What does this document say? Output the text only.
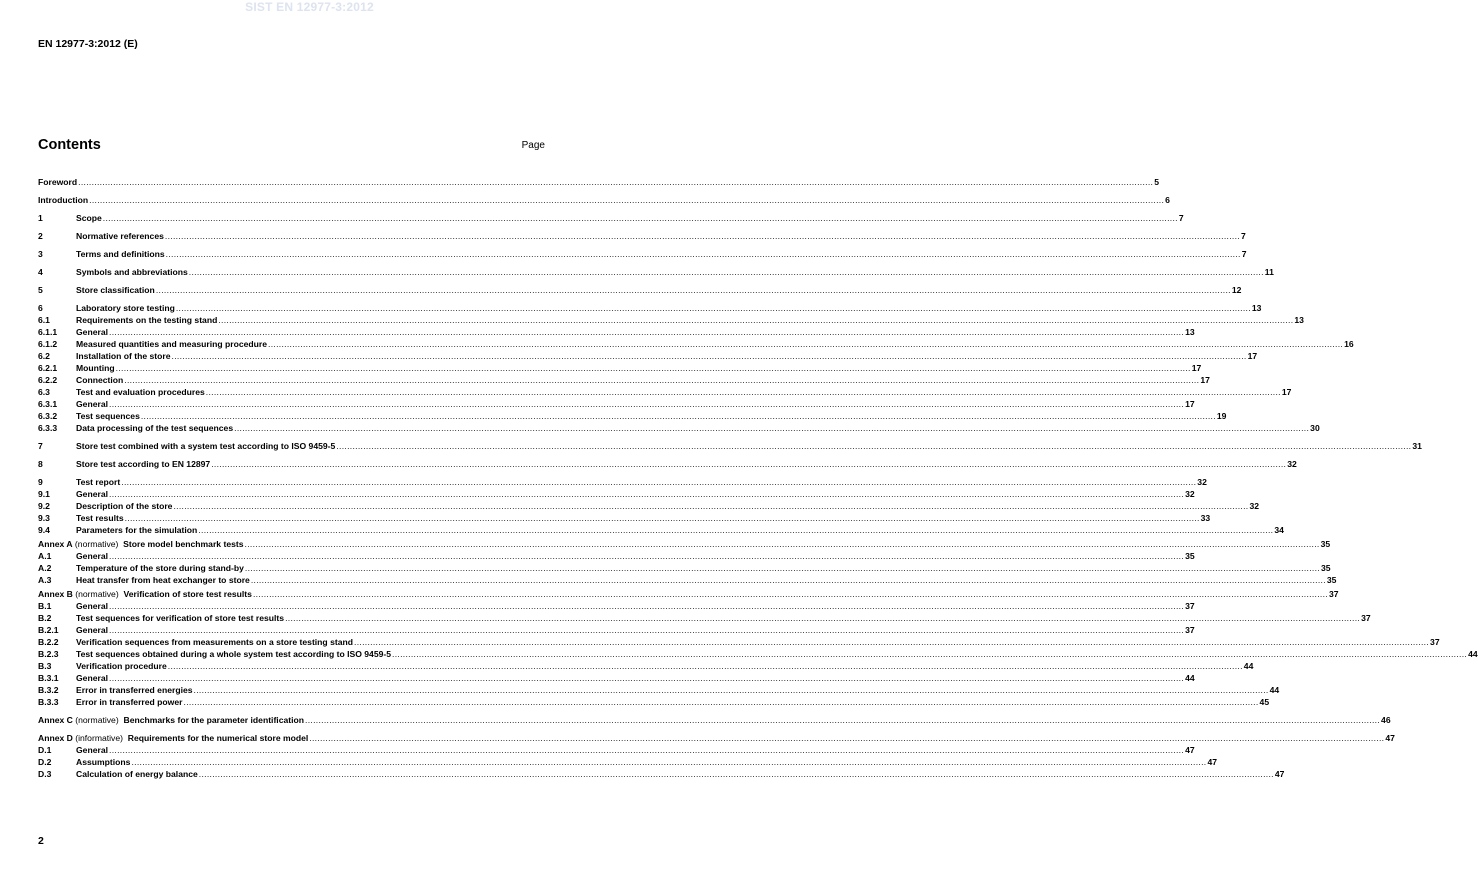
SIST EN 12977-3:2012
EN 12977-3:2012 (E)
Contents	Page
Foreword ................................................................................................................................................................................................................................................................................................................................................................................................................ 5
Introduction ................................................................................................................................................................................................................................................................................................................................................................................................................ 6
1	Scope ................................................................................................................................................................................................................................................................................................................................................................................................................ 7
2	Normative references ................................................................................................................................................................................................................................................................................................................................................................................................................ 7
3	Terms and definitions ................................................................................................................................................................................................................................................................................................................................................................................................................ 7
4	Symbols and abbreviations ................................................................................................................................................................................................................................................................................................................................................................................................................ 11
5	Store classification ................................................................................................................................................................................................................................................................................................................................................................................................................ 12
6	Laboratory store testing ................................................................................................................................................................................................................................................................................................................................................................................................................ 13
6.1	Requirements on the testing stand ................................................................................................................................................................................................................................................................................................................................................................................................................ 13
6.1.1	General ................................................................................................................................................................................................................................................................................................................................................................................................................ 13
6.1.2	Measured quantities and measuring procedure ................................................................................................................................................................................................................................................................................................................................................................................................................ 16
6.2	Installation of the store ................................................................................................................................................................................................................................................................................................................................................................................................................ 17
6.2.1	Mounting ................................................................................................................................................................................................................................................................................................................................................................................................................ 17
6.2.2	Connection ................................................................................................................................................................................................................................................................................................................................................................................................................ 17
6.3	Test and evaluation procedures ................................................................................................................................................................................................................................................................................................................................................................................................................ 17
6.3.1	General ................................................................................................................................................................................................................................................................................................................................................................................................................ 17
6.3.2	Test sequences ................................................................................................................................................................................................................................................................................................................................................................................................................ 19
6.3.3	Data processing of the test sequences ................................................................................................................................................................................................................................................................................................................................................................................................................ 30
7	Store test combined with a system test according to ISO 9459-5 ................................................................................................................................................................................................................................................................................................................................................................................................................ 31
8	Store test according to EN 12897 ................................................................................................................................................................................................................................................................................................................................................................................................................ 32
9	Test report ................................................................................................................................................................................................................................................................................................................................................................................................................ 32
9.1	General ................................................................................................................................................................................................................................................................................................................................................................................................................ 32
9.2	Description of the store ................................................................................................................................................................................................................................................................................................................................................................................................................ 32
9.3	Test results ................................................................................................................................................................................................................................................................................................................................................................................................................ 33
9.4	Parameters for the simulation ................................................................................................................................................................................................................................................................................................................................................................................................................ 34
Annex A (normative)  Store model benchmark tests ................................................................................................................................................................................................................................................................................................................................................................................................................ 35
A.1	General ................................................................................................................................................................................................................................................................................................................................................................................................................ 35
A.2	Temperature of the store during stand-by ................................................................................................................................................................................................................................................................................................................................................................................................................ 35
A.3	Heat transfer from heat exchanger to store ................................................................................................................................................................................................................................................................................................................................................................................................................ 35
Annex B (normative)  Verification of store test results ................................................................................................................................................................................................................................................................................................................................................................................................................ 37
B.1	General ................................................................................................................................................................................................................................................................................................................................................................................................................ 37
B.2	Test sequences for verification of store test results ................................................................................................................................................................................................................................................................................................................................................................................................................ 37
B.2.1	General ................................................................................................................................................................................................................................................................................................................................................................................................................ 37
B.2.2	Verification sequences from measurements on a store testing stand ................................................................................................................................................................................................................................................................................................................................................................................................................ 37
B.2.3	Test sequences obtained during a whole system test according to ISO 9459-5 ................................................................................................................................................................................................................................................................................................................................................................................................................ 44
B.3	Verification procedure ................................................................................................................................................................................................................................................................................................................................................................................................................ 44
B.3.1	General ................................................................................................................................................................................................................................................................................................................................................................................................................ 44
B.3.2	Error in transferred energies ................................................................................................................................................................................................................................................................................................................................................................................................................ 44
B.3.3	Error in transferred power ................................................................................................................................................................................................................................................................................................................................................................................................................ 45
Annex C (normative)  Benchmarks for the parameter identification ................................................................................................................................................................................................................................................................................................................................................................................................................ 46
Annex D (informative)  Requirements for the numerical store model ................................................................................................................................................................................................................................................................................................................................................................................................................ 47
D.1	General ................................................................................................................................................................................................................................................................................................................................................................................................................ 47
D.2	Assumptions ................................................................................................................................................................................................................................................................................................................................................................................................................ 47
D.3	Calculation of energy balance ................................................................................................................................................................................................................................................................................................................................................................................................................ 47
2
